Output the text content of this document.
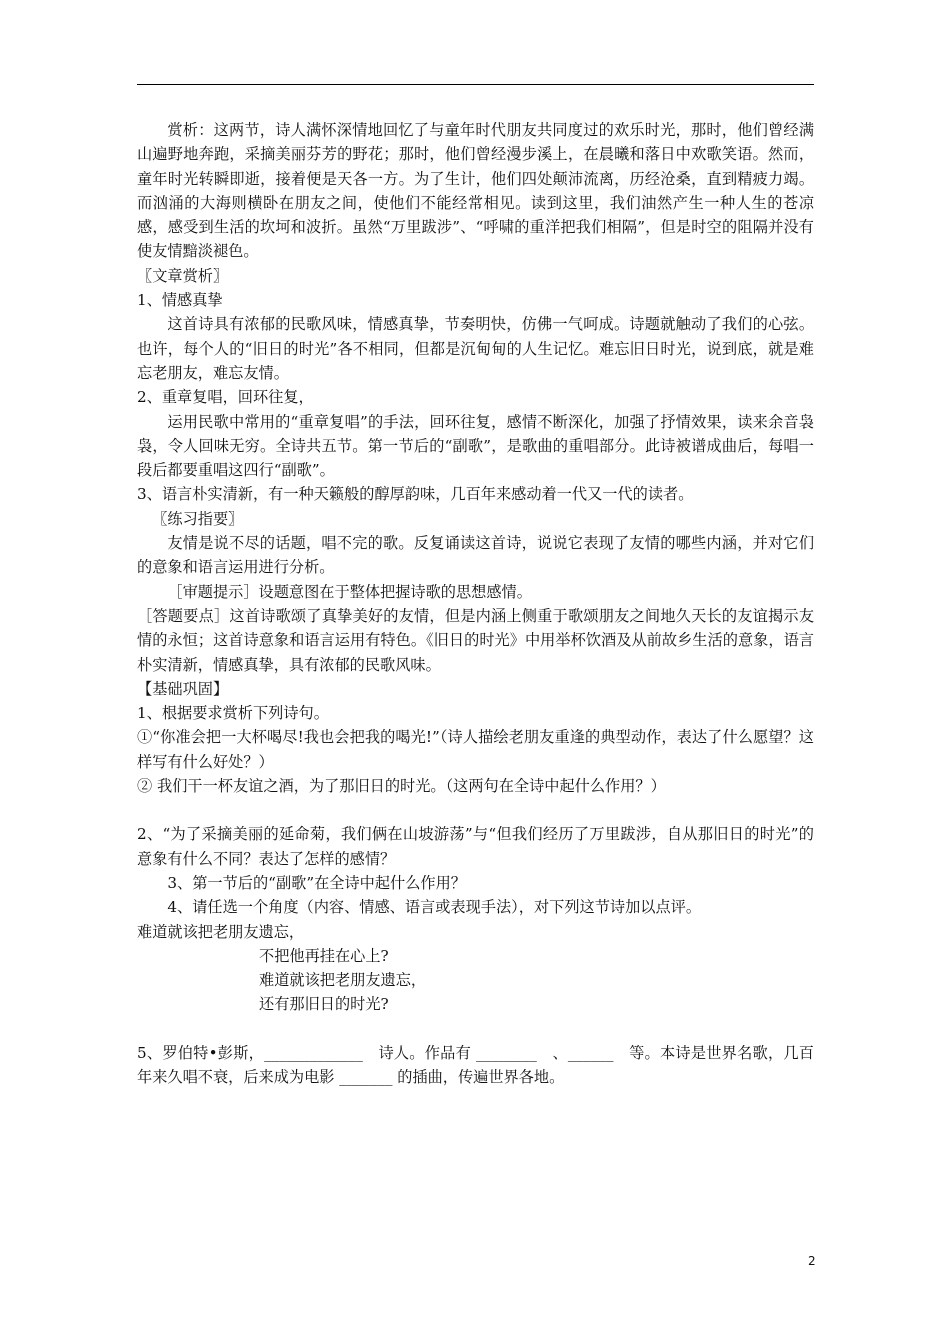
赏析：这两节，诗人满怀深情地回忆了与童年时代朋友共同度过的欢乐时光，那时，他们曾经满山遍野地奔跑，采摘美丽芬芳的野花；那时，他们曾经漫步溪上，在晨曦和落日中欢歌笑语。然而，童年时光转瞬即逝，接着便是天各一方。为了生计，他们四处颠沛流离，历经沧桑，直到精疲力竭。而汹涌的大海则横卧在朋友之间，使他们不能经常相见。读到这里，我们油然产生一种人生的苍凉感，感受到生活的坎坷和波折。虽然“万里跋涉”、“呼啸的重洋把我们相隔”，但是时空的阻隔并没有使友情黯淡褪色。

〖文章赏析〗

1、情感真挚

这首诗具有浓郁的民歌风味，情感真挚，节奏明快，仿佛一气呵成。诗题就触动了我们的心弦。也许，每个人的“旧日的时光”各不相同，但都是沉甸甸的人生记忆。难忘旧日时光，说到底，就是难忘老朋友，难忘友情。

2、重章复唱，回环往复，

运用民歌中常用的“重章复唱”的手法，回环往复，感情不断深化，加强了抒情效果，读来余音袅袅，令人回味无穷。全诗共五节。第一节后的“副歌”，是歌曲的重唱部分。此诗被谱成曲后，每唱一段后都要重唱这四行“副歌”。

3、语言朴实清新，有一种天籁般的醇厚韵味，几百年来感动着一代又一代的读者。

〖练习指要〗

友情是说不尽的话题，唱不完的歌。反复诵读这首诗，说说它表现了友情的哪些内涵，并对它们的意象和语言运用进行分析。

［审题提示］设题意图在于整体把握诗歌的思想感情。

［答题要点］这首诗歌颂了真挚美好的友情，但是内涵上侧重于歌颂朋友之间地久天长的友谊揭示友情的永恒；这首诗意象和语言运用有特色。《旧日的时光》中用举杯饮酒及从前故乡生活的意象，语言朴实清新，情感真挚，具有浓郁的民歌风味。

【基础巩固】

1、根据要求赏析下列诗句。

①“你准会把一大杯喝尽!我也会把我的喝光!”（诗人描绘老朋友重逢的典型动作，表达了什么愿望？这样写有什么好处？）

② 我们干一杯友谊之酒，为了那旧日的时光。（这两句在全诗中起什么作用？）

2、“为了采摘美丽的延命菊，我们俩在山坡游荡”与“但我们经历了万里跋涉，自从那旧日的时光”的意象有什么不同？表达了怎样的感情？

3、第一节后的“副歌”在全诗中起什么作用？

4、请任选一个角度（内容、情感、语言或表现手法），对下列这节诗加以点评。

难道就该把老朋友遗忘，

不把他再挂在心上?

难道就该把老朋友遗忘，

还有那旧日的时光?

5、罗伯特•彭斯，_____________　诗人。作品有 ________　、______　等。本诗是世界名歌，几百年来久唱不衰，后来成为电影 _______ 的插曲，传遍世界各地。

2
